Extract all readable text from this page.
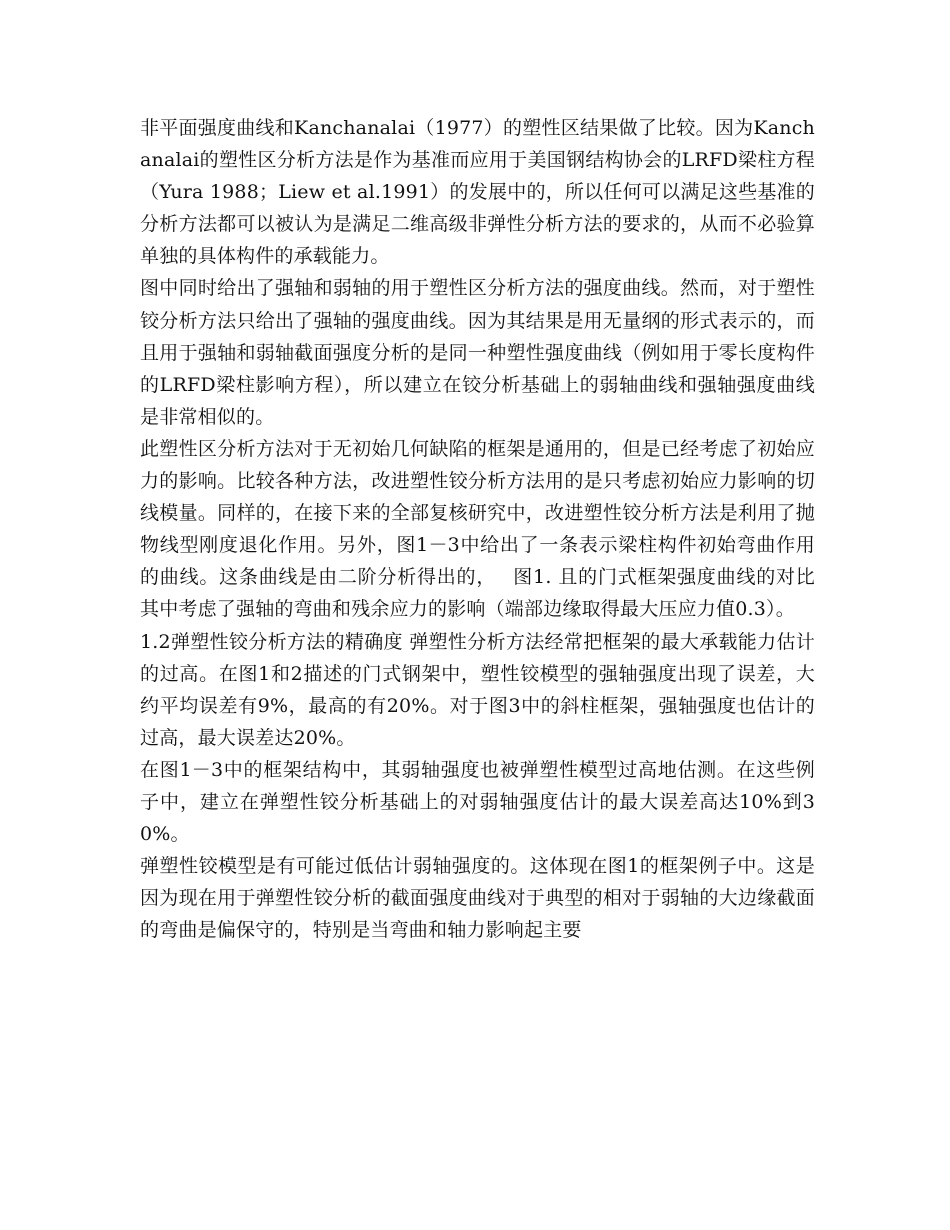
非平面强度曲线和Kanchanalai（1977）的塑性区结果做了比较。因为Kanchanalai的塑性区分析方法是作为基准而应用于美国钢结构协会的LRFD梁柱方程（Yura 1988；Liew et al.1991）的发展中的，所以任何可以满足这些基准的分析方法都可以被认为是满足二维高级非弹性分析方法的要求的，从而不必验算单独的具体构件的承载能力。

图中同时给出了强轴和弱轴的用于塑性区分析方法的强度曲线。然而，对于塑性铰分析方法只给出了强轴的强度曲线。因为其结果是用无量纲的形式表示的，而且用于强轴和弱轴截面强度分析的是同一种塑性强度曲线（例如用于零长度构件的LRFD梁柱影响方程），所以建立在铰分析基础上的弱轴曲线和强轴强度曲线是非常相似的。

此塑性区分析方法对于无初始几何缺陷的框架是通用的，但是已经考虑了初始应力的影响。比较各种方法，改进塑性铰分析方法用的是只考虑初始应力影响的切线模量。同样的，在接下来的全部复核研究中，改进塑性铰分析方法是利用了抛物线型刚度退化作用。另外，图1－3中给出了一条表示梁柱构件初始弯曲作用的曲线。这条曲线是由二阶分析得出的，　 图1. 且的门式框架强度曲线的对比 其中考虑了强轴的弯曲和残余应力的影响（端部边缘取得最大压应力值0.3）。

1.2弹塑性铰分析方法的精确度 弹塑性分析方法经常把框架的最大承载能力估计的过高。在图1和2描述的门式钢架中，塑性铰模型的强轴强度出现了误差，大约平均误差有9%，最高的有20%。对于图3中的斜柱框架，强轴强度也估计的过高，最大误差达20%。

在图1－3中的框架结构中，其弱轴强度也被弹塑性模型过高地估测。在这些例子中，建立在弹塑性铰分析基础上的对弱轴强度估计的最大误差高达10%到30%。

弹塑性铰模型是有可能过低估计弱轴强度的。这体现在图1的框架例子中。这是因为现在用于弹塑性铰分析的截面强度曲线对于典型的相对于弱轴的大边缘截面的弯曲是偏保守的，特别是当弯曲和轴力影响起主要
